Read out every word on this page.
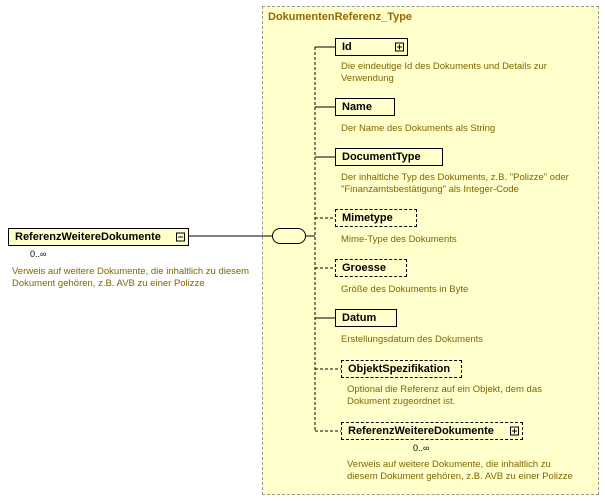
DokumentenReferenz_Type
ReferenzWeitereDokumente
0..∞
Verweis auf weitere Dokumente, die inhaltlich zu diesem Dokument gehören, z.B. AVB zu einer Polizze
Id
Die eindeutige Id des Dokuments und Details zur Verwendung
Name
Der Name des Dokuments als String
DocumentType
Der inhaltlche Typ des Dokuments, z.B. "Polizze" oder "Finanzamtsbestätigung" als Integer-Code
Mimetype
Mime-Type des Dokuments
Groesse
Größe des Dokuments in Byte
Datum
Erstellungsdatum des Dokuments
ObjektSpezifikation
Optional die Referenz auf ein Objekt, dem das Dokument zugeordnet ist.
ReferenzWeitereDokumente
0..∞
Verweis auf weitere Dokumente, die inhaltlich zu diesem Dokument gehören, z.B. AVB zu einer Polizze
